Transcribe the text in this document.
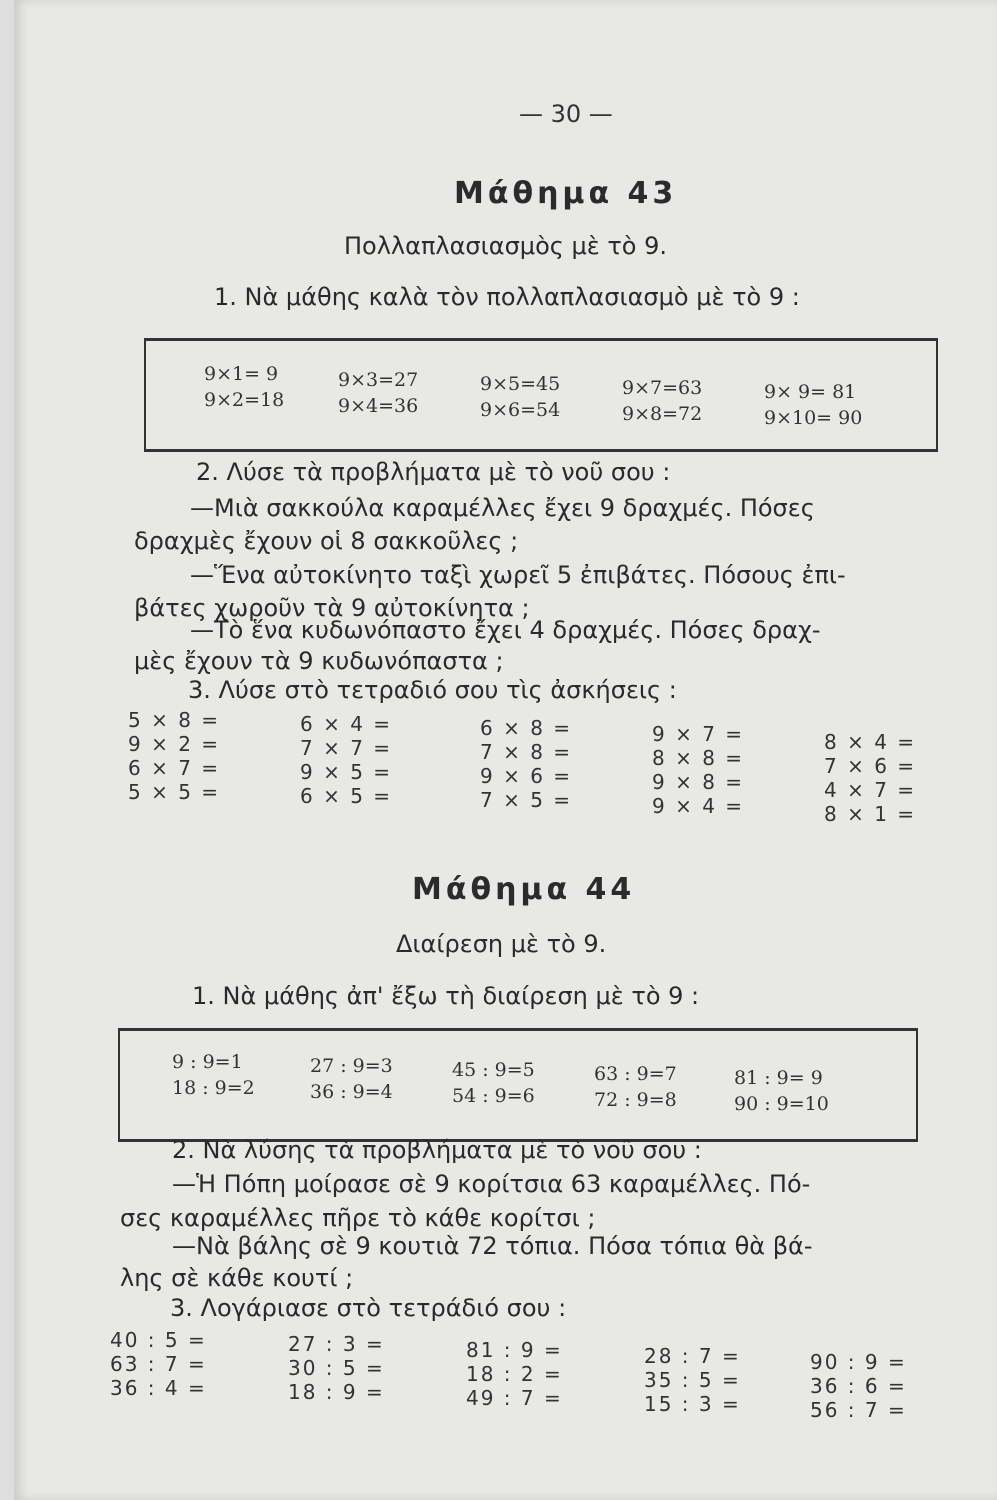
— 30 —
Μάθημα 43
Πολλαπλασιασμὸς μὲ τὸ 9.
1. Νὰ μάθης καλὰ τὸν πολλαπλασιασμὸ μὲ τὸ 9 :
9×1= 9
9×2=18
9×3=27
9×4=36
9×5=45
9×6=54
9×7=63
9×8=72
9× 9= 81
9×10= 90
2. Λύσε τὰ προβλήματα μὲ τὸ νοῦ σου :
—Μιὰ σακκούλα καραμέλλες ἔχει 9 δραχμές. Πόσες
δραχμὲς ἔχουν οἱ 8 σακκοῦλες ;
—Ἕνα αὐτοκίνητο ταξὶ χωρεῖ 5 ἐπιβάτες. Πόσους ἐπι-
βάτες χωροῦν τὰ 9 αὐτοκίνητα ;
—Τὸ ἕνα κυδωνόπαστο ἔχει 4 δραχμές. Πόσες δραχ-
μὲς ἔχουν τὰ 9 κυδωνόπαστα ;
3. Λύσε στὸ τετραδιό σου τὶς ἀσκήσεις :
5 × 8 =
9 × 2 =
6 × 7 =
5 × 5 =
6 × 4 =
7 × 7 =
9 × 5 =
6 × 5 =
6 × 8 =
7 × 8 =
9 × 6 =
7 × 5 =
9 × 7 =
8 × 8 =
9 × 8 =
9 × 4 =
8 × 4 =
7 × 6 =
4 × 7 =
8 × 1 =
Μάθημα 44
Διαίρεση μὲ τὸ 9.
1. Νὰ μάθης ἀπ' ἔξω τὴ διαίρεση μὲ τὸ 9 :
9 : 9=1
18 : 9=2
27 : 9=3
36 : 9=4
45 : 9=5
54 : 9=6
63 : 9=7
72 : 9=8
81 : 9= 9
90 : 9=10
2. Νὰ λύσης τὰ προβλήματα μὲ τὸ νοῦ σου :
—Ἡ Πόπη μοίρασε σὲ 9 κορίτσια 63 καραμέλλες. Πό-
σες καραμέλλες πῆρε τὸ κάθε κορίτσι ;
—Νὰ βάλης σὲ 9 κουτιὰ 72 τόπια. Πόσα τόπια θὰ βά-
λης σὲ κάθε κουτί ;
3. Λογάριασε στὸ τετράδιό σου :
40 : 5 =
63 : 7 =
36 : 4 =
27 : 3 =
30 : 5 =
18 : 9 =
81 : 9 =
18 : 2 =
49 : 7 =
28 : 7 =
35 : 5 =
15 : 3 =
90 : 9 =
36 : 6 =
56 : 7 =
